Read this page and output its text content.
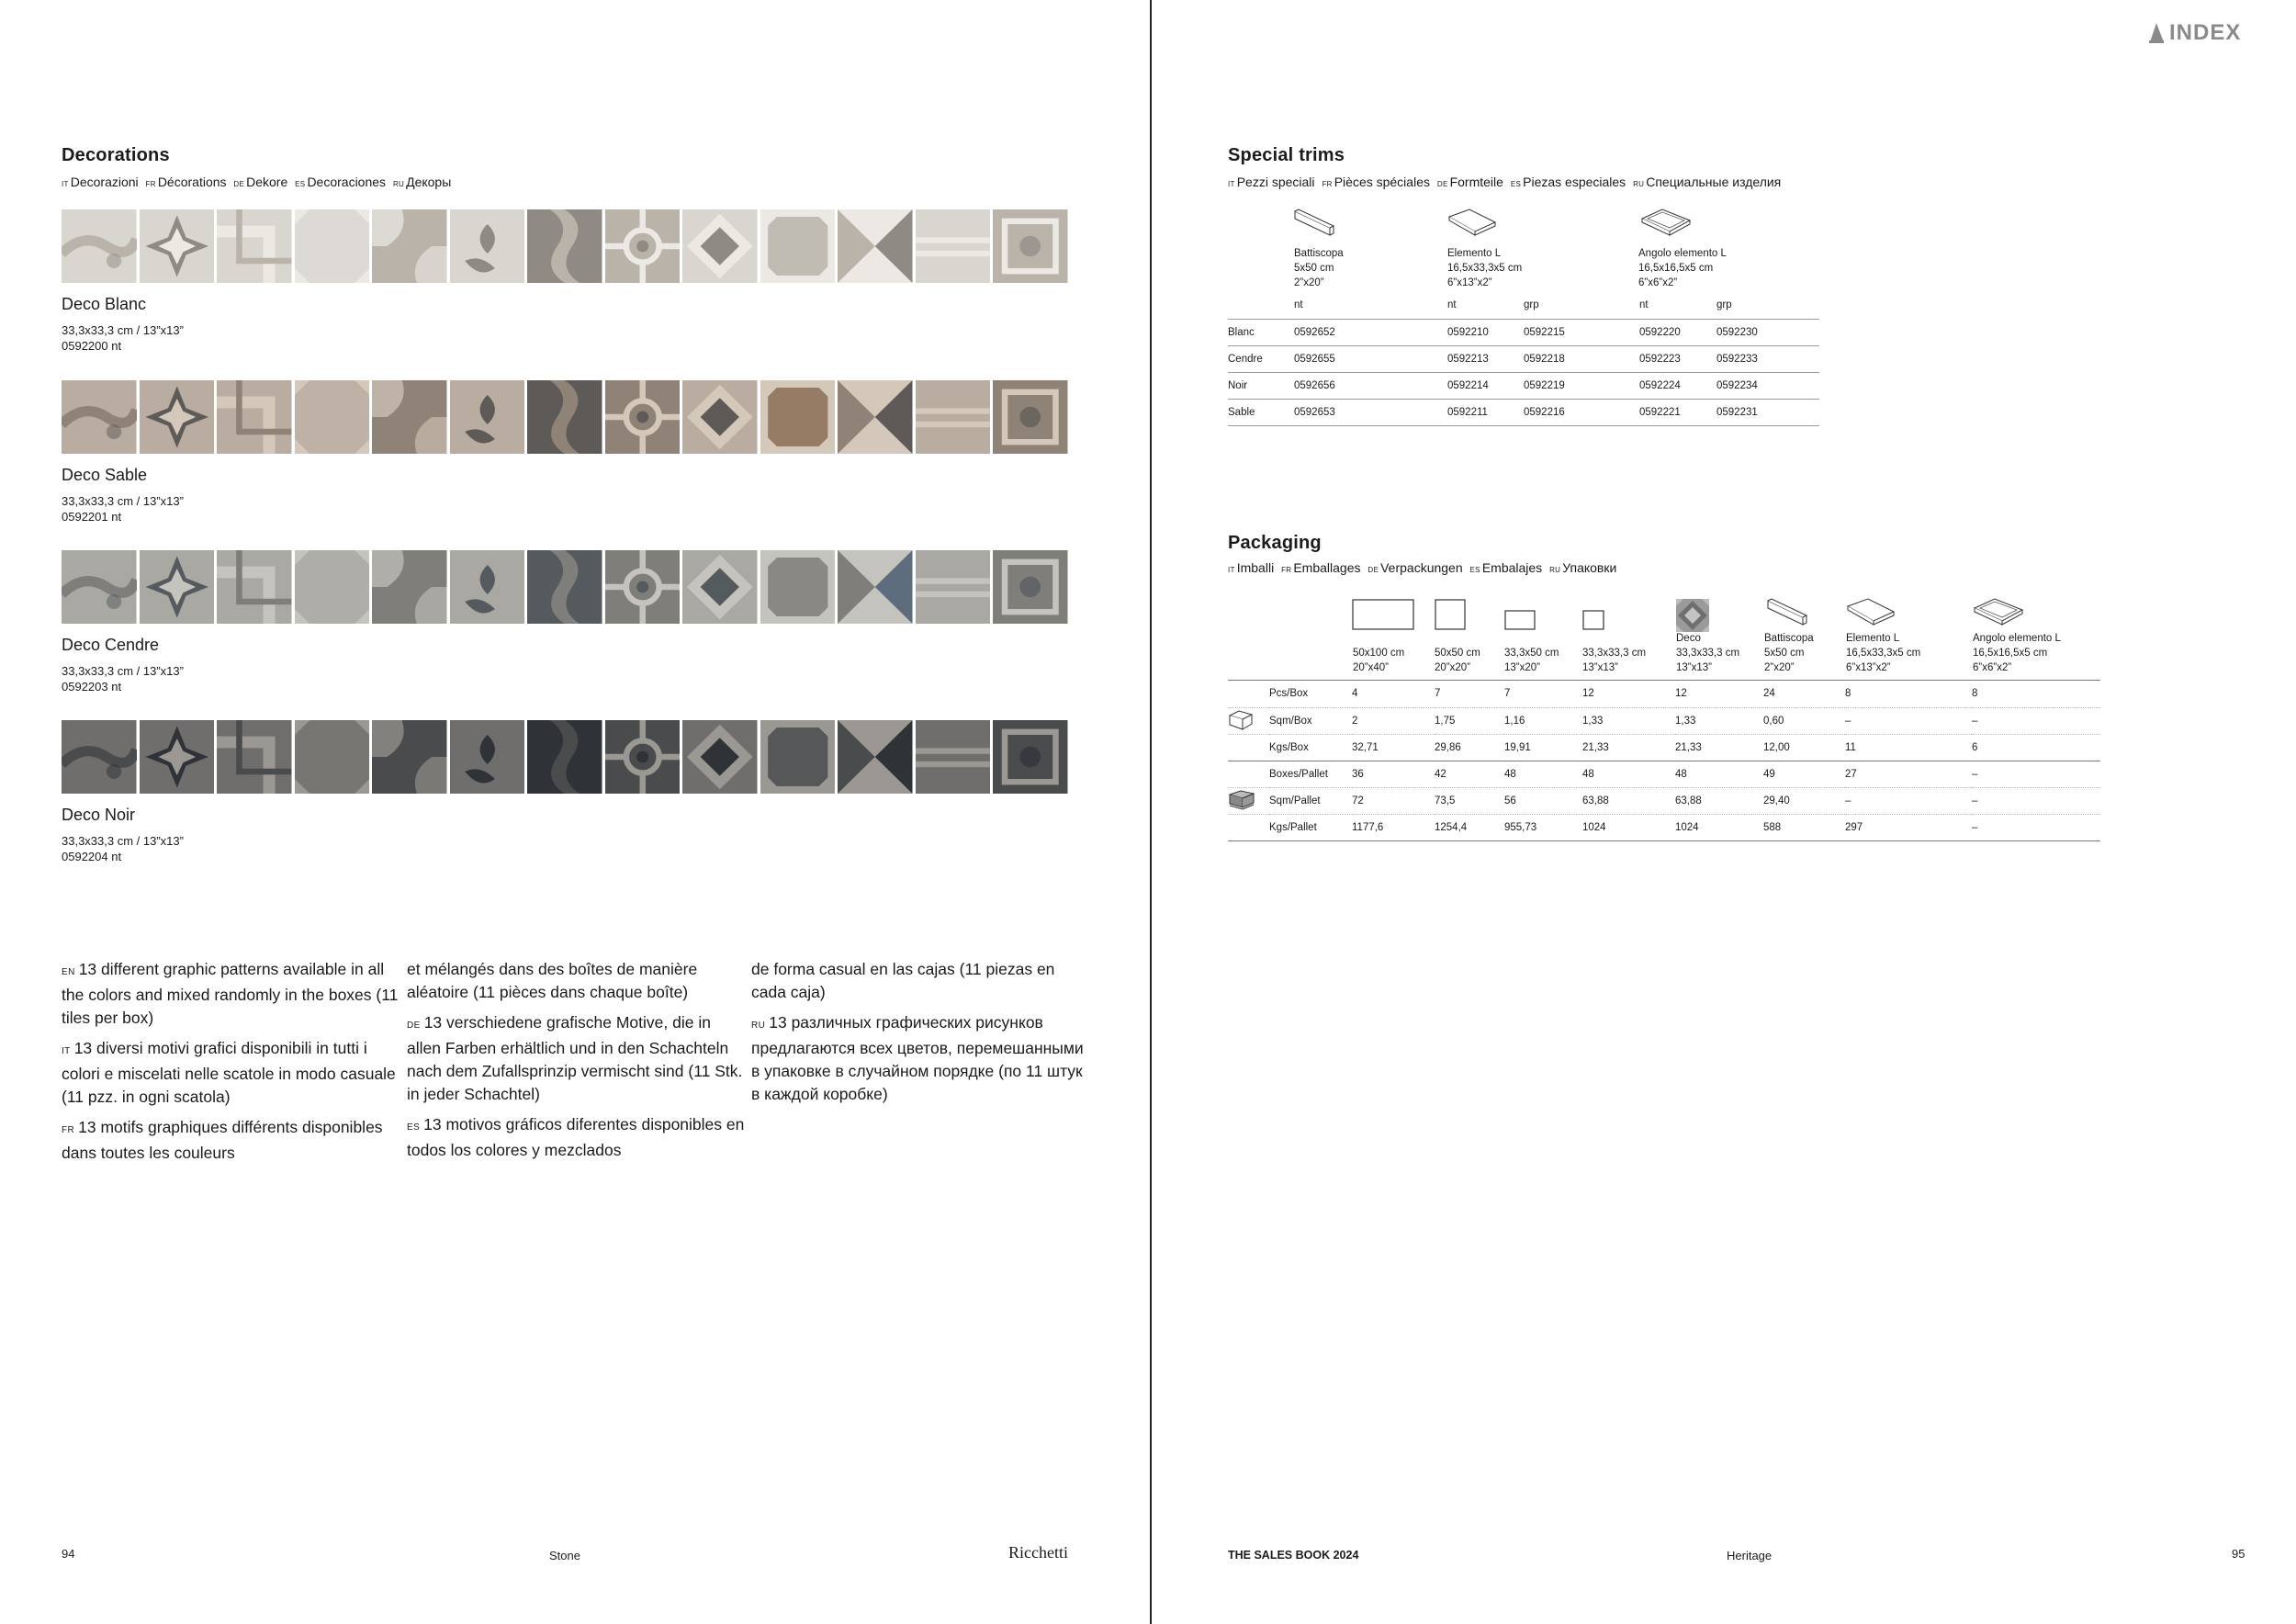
Decorations
IT Decorazioni FR Décorations DE Dekore ES Decoraciones RU Декоры
Deco Blanc
33,3x33,3 cm / 13”x13”
0592200 nt
Deco Sable
33,3x33,3 cm / 13”x13”
0592201 nt
Deco Cendre
33,3x33,3 cm / 13”x13”
0592203 nt
Deco Noir
33,3x33,3 cm / 13”x13”
0592204 nt

EN 13 different graphic patterns available in all the colors and mixed randomly in the boxes (11 tiles per box)

IT 13 diversi motivi grafici disponibili in tutti i colori e miscelati nelle scatole in modo casuale (11 pzz. in ogni scatola)

FR 13 motifs graphiques différents disponibles dans toutes les couleurs

et mélangés dans des boîtes de manière aléatoire (11 pièces dans chaque boîte)

DE 13 verschiedene grafische Motive, die in allen Farben erhältlich und in den Schachteln nach dem Zufallsprinzip vermischt sind (11 Stk. in jeder Schachtel)

ES 13 motivos gráficos diferentes disponibles en todos los colores y mezclados

de forma casual en las cajas (11 piezas en cada caja)

RU 13 различных графических рисунков предлагаются всех цветов, перемешанными в упаковке в случайном порядке (по 11 штук в каждой коробке)

94	Stone	Ricchetti
INDEX
Special trims
IT Pezzi speciali FR Pièces spéciales DE Formteile ES Piezas especiales RU Специальные изделия
Battiscopa
5x50 cm
2”x20”
Elemento L
16,5x33,3x5 cm
6”x13”x2”
Angolo elemento L
16,5x16,5x5 cm
6”x6”x2”
	nt	nt	grp	nt	grp
Blanc	0592652	0592210	0592215	0592220	0592230
Cendre	0592655	0592213	0592218	0592223	0592233
Noir	0592656	0592214	0592219	0592224	0592234
Sable	0592653	0592211	0592216	0592221	0592231
Packaging
IT Imballi FR Emballages DE Verpackungen ES Embalajes RU Упаковки
50x100 cm
20”x40”
50x50 cm
20”x20”
33,3x50 cm
13”x20”
33,3x33,3 cm
13”x13”
Deco
33,3x33,3 cm
13”x13”
Battiscopa
5x50 cm
2”x20”
Elemento L
16,5x33,3x5 cm
6”x13”x2”
Angolo elemento L
16,5x16,5x5 cm
6”x6”x2”
	Pcs/Box	4	7	7	12	12	24	8	8
	Sqm/Box	2	1,75	1,16	1,33	1,33	0,60	–	–
	Kgs/Box	32,71	29,86	19,91	21,33	21,33	12,00	11	6
	Boxes/Pallet	36	42	48	48	48	49	27	–
	Sqm/Pallet	72	73,5	56	63,88	63,88	29,40	–	–
	Kgs/Pallet	1177,6	1254,4	955,73	1024	1024	588	297	–
THE SALES BOOK 2024	Heritage	95
